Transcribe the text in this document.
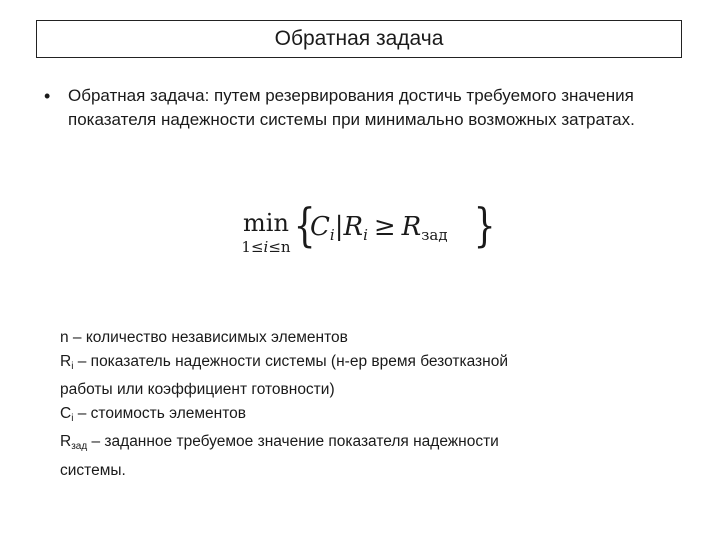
Обратная задача
• Обратная задача: путем резервирования достичь требуемого значения показателя надежности системы при минимально возможных затратах.
min
1≤i≤n {
$C_i|R_i \ge R_{зад}$ }
n – количество независимых элементов
Ri – показатель надежности системы (н-ер время безотказной
работы или коэффициент готовности)
Ci – стоимость элементов
Rзад – заданное требуемое значение показателя надежности
системы.
